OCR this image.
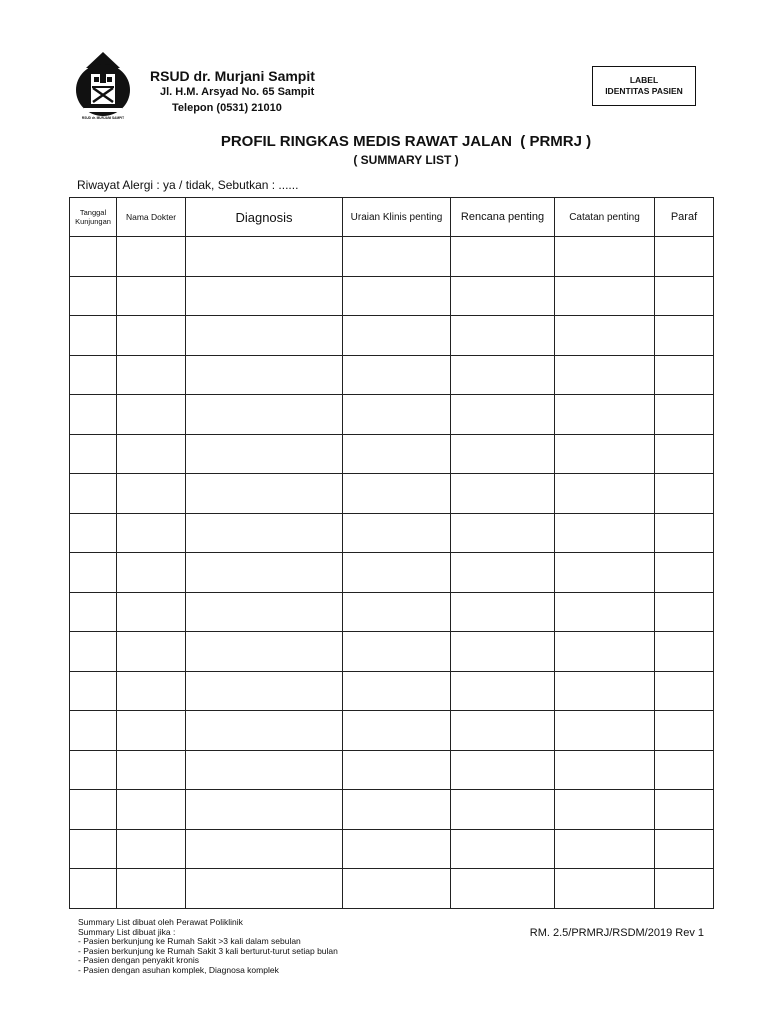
RSUD dr. MURJANI SAMPIT
RSUD dr. Murjani Sampit
Jl. H.M. Arsyad No. 65 Sampit
Telepon (0531) 21010
LABEL
IDENTITAS PASIEN
PROFIL RINGKAS MEDIS RAWAT JALAN  ( PRMRJ )
( SUMMARY LIST )
Riwayat Alergi : ya / tidak, Sebutkan : ......
Tanggal Kunjungan	Nama Dokter	Diagnosis	Uraian Klinis penting	Rencana penting	Catatan penting	Paraf

Summary List dibuat oleh Perawat Poliklinik
Summary List dibuat jika :
- Pasien berkunjung ke Rumah Sakit >3 kali dalam sebulan
- Pasien berkunjung ke Rumah Sakit 3 kali berturut-turut setiap bulan
- Pasien dengan penyakit kronis
- Pasien dengan asuhan komplek, Diagnosa komplek
RM. 2.5/PRMRJ/RSDM/2019 Rev 1
